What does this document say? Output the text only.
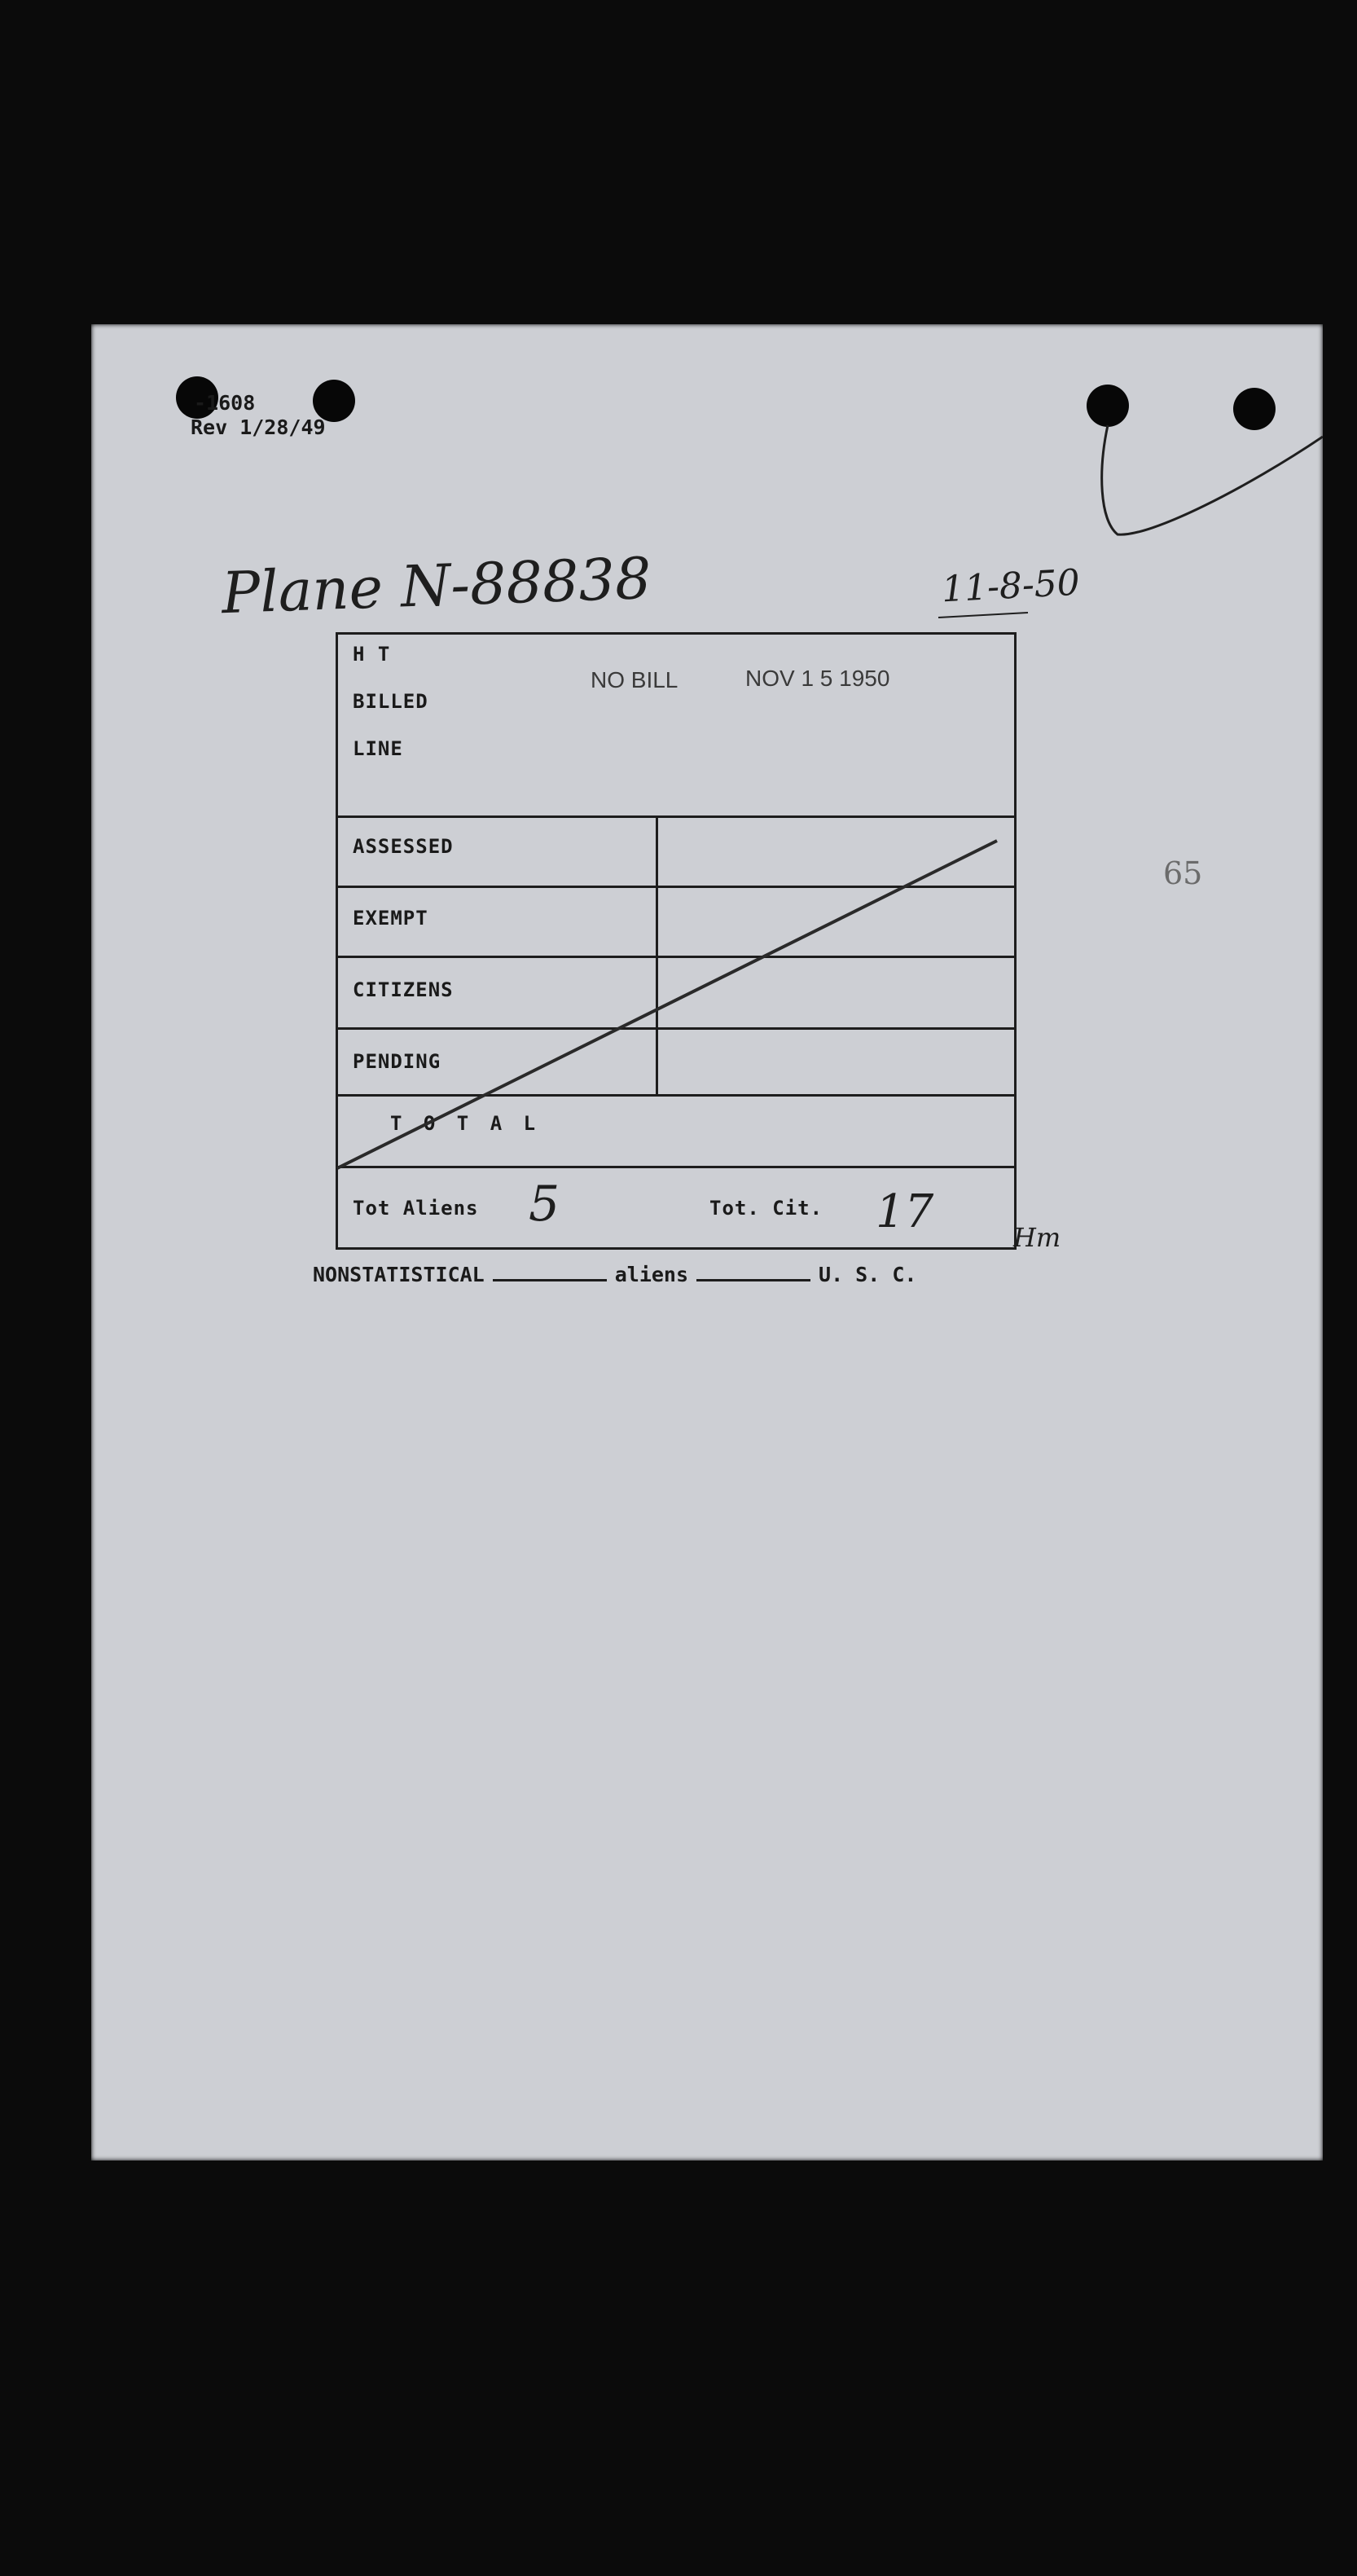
-1608
Rev 1/28/49
Plane N-88838	11-8-50
65
H T
BILLED
LINE
NO BILL	NOV 1 5 1950
ASSESSED
EXEMPT
CITIZENS
PENDING
T O T A L
Tot Aliens 5	Tot. Cit. 17	Hm
NONSTATISTICAL	aliens	U. S. C.
